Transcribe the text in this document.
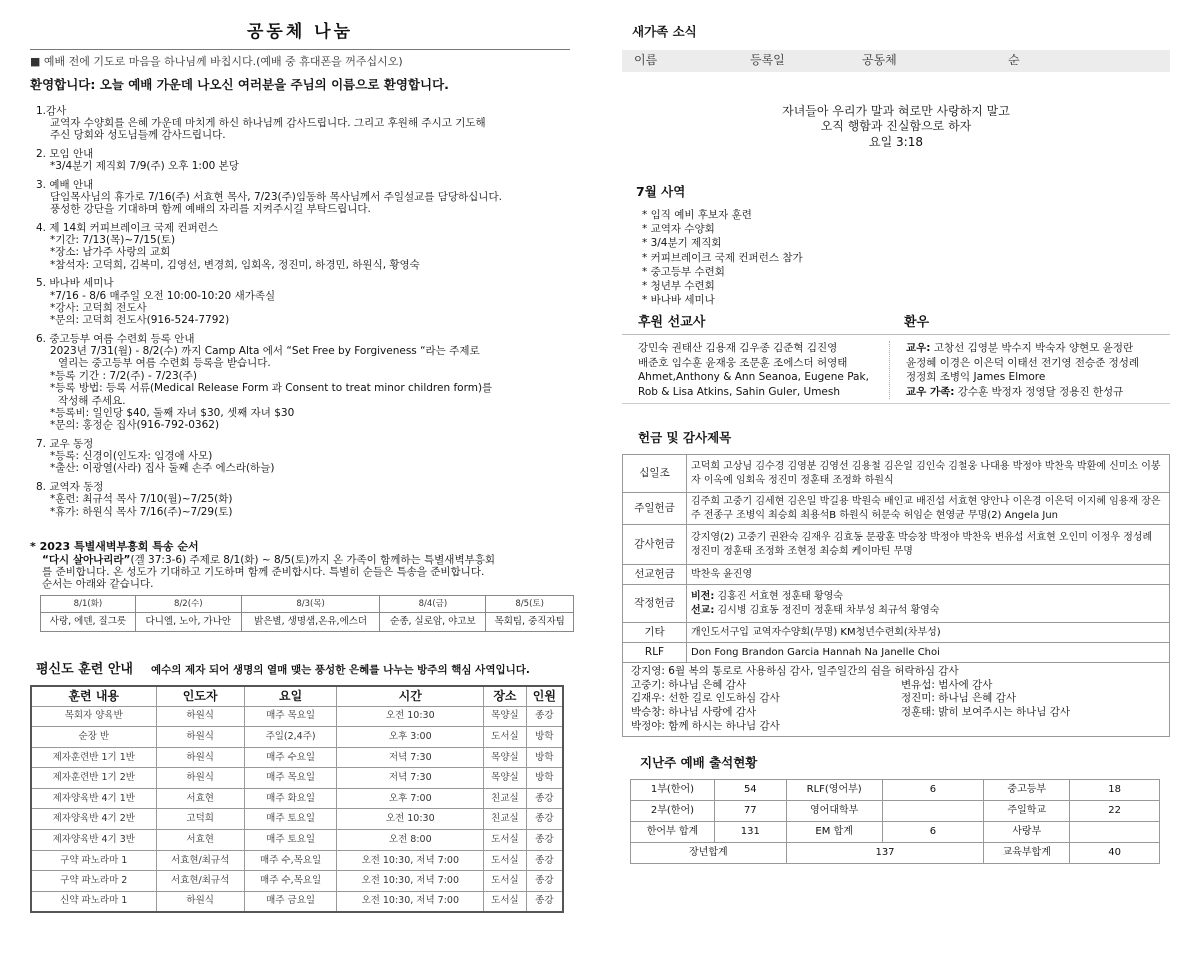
공동체 나눔
■ 예배 전에 기도로 마음을 하나님께 바칩시다.(예배 중 휴대폰을 꺼주십시오)
환영합니다: 오늘 예배 가운데 나오신 여러분을 주님의 이름으로 환영합니다.
1.감사
교역자 수양회를 은혜 가운데 마치게 하신 하나님께 감사드립니다. 그리고 후원해 주시고 기도해
주신 당회와 성도님들께 감사드립니다.
2. 모임 안내
*3/4분기 제직회 7/9(주) 오후 1:00 본당
3. 예배 안내
담임목사님의 휴가로 7/16(주) 서효현 목사, 7/23(주)임동하 목사님께서 주일설교를 담당하십니다.
풍성한 강단을 기대하며 함께 예배의 자리를 지켜주시길 부탁드립니다.
4. 제 14회 커피브레이크 국제 컨퍼런스
*기간: 7/13(목)~7/15(토)
*장소: 남가주 사랑의 교회
*참석자: 고덕희, 김복미, 김영선, 변경희, 임회옥, 정진미, 하경민, 하원식, 황영숙
5. 바나바 세미나
*7/16 - 8/6 매주일 오전 10:00-10:20 새가족실
*강사: 고덕희 전도사
*문의: 고덕희 전도사(916-524-7792)
6. 중고등부 여름 수련회 등록 안내
2023년 7/31(월) - 8/2(수) 까지 Camp Alta 에서 “Set Free by Forgiveness “라는 주제로
열리는 중고등부 여름 수련회 등록을 받습니다.
*등록 기간 : 7/2(주) - 7/23(주)
*등록 방법: 등록 서류(Medical Release Form 과 Consent to treat minor children form)를
작성해 주세요.
*등록비: 일인당 $40, 둘째 자녀 $30, 셋째 자녀 $30
*문의: 홍정순 집사(916-792-0362)
7. 교우 동정
*등록: 신경이(인도자: 임경애 사모)
*출산: 이광열(사라) 집사 둘째 손주 에스라(하늘)
8. 교역자 동정
*훈련: 최규석 목사 7/10(월)~7/25(화)
*휴가: 하원식 목사 7/16(주)~7/29(토)
* 2023 특별새벽부흥회 특송 순서
“다시 살아나리라”(겔 37:3-6) 주제로 8/1(화) ~ 8/5(토)까지 온 가족이 함께하는 특별새벽부흥회
를 준비합니다. 온 성도가 기대하고 기도하며 함께 준비합시다. 특별히 순들은 특송을 준비합니다.
순서는 아래와 같습니다.
8/1(화)	8/2(수)	8/3(목)	8/4(금)	8/5(토)
사랑, 에덴, 질그릇	다니엘, 노아, 가나안	밝은별, 생명샘,온유,에스더	순종, 실로암, 야고보	목회팀, 중직자팀
평신도 훈련 안내 예수의 제자 되어 생명의 열매 맺는 풍성한 은혜를 나누는 방주의 핵심 사역입니다.
훈련 내용	인도자	요일	시간	장소	인원
목회자 양육반	하원식	매주 목요일	오전 10:30	목양실	종강
순장 반	하원식	주일(2,4주)	오후 3:00	도서실	방학
제자훈련반 1기 1반	하원식	매주 수요일	저녁 7:30	목양실	방학
제자훈련반 1기 2반	하원식	매주 목요일	저녁 7:30	목양실	방학
제자양육반 4기 1반	서효현	매주 화요일	오후 7:00	친교실	종강
제자양육반 4기 2반	고덕희	매주 토요일	오전 10:30	친교실	종강
제자양육반 4기 3반	서효현	매주 토요일	오전 8:00	도서실	종강
구약 파노라마 1	서효현/최규석	매주 수,목요일	오전 10:30, 저녁 7:00	도서실	종강
구약 파노라마 2	서효현/최규석	매주 수,목요일	오전 10:30, 저녁 7:00	도서실	종강
신약 파노라마 1	하원식	매주 금요일	오전 10:30, 저녁 7:00	도서실	종강
새가족 소식
이름	등록일	공동체	순
자녀들아 우리가 말과 혀로만 사랑하지 말고
오직 행함과 진실함으로 하자
요일 3:18
7월 사역
* 임직 예비 후보자 훈련
* 교역자 수양회
* 3/4분기 제직회
* 커피브레이크 국제 컨퍼런스 참가
* 중고등부 수련회
* 청년부 수련회
* 바나바 세미나
후원 선교사	환우
강민숙 권태산 김용재 김우종 김준혁 김진영
배준호 임수훈 윤재웅 조문훈 조에스더 허영태
Ahmet,Anthony & Ann Seanoa, Eugene Pak,
Rob & Lisa Atkins, Sahin Guler, Umesh
교우: 고창선 김영분 박수지 박숙자 양현모 윤정란
윤정혜 이경은 이은덕 이태선 전기영 전승준 정성례
정정희 조병익 James Elmore
교우 가족: 강수훈 박정자 정영달 정용진 한성규
헌금 및 감사제목
십일조	고덕희 고상님 김수경 김영분 김영선 김용철 김은일 김인숙 김철웅 나대용 박정야 박찬욱 박환예 신미소 이봉자 이옥예 임회옥 정진미 정훈태 조정화 하원식
주일헌금	김주희 고중기 김세현 김은일 박길용 박원숙 배인교 배진섭 서효현 양안나 이은경 이은덕 이지혜 임용재 장은주 전종구 조병익 최승희 최용석B 하원식 허문숙 허임순 현영균 무명(2) Angela Jun
감사헌금	강지영(2) 고중기 권완숙 김재우 김효동 문광훈 박승창 박정야 박찬욱 변유섭 서효현 오인미 이정우 정성례 정진미 정훈태 조정화 조현정 최승희 케이마틴 무명
선교헌금	박찬욱 윤진영
작정헌금	비전: 김홍진 서효현 정훈태 황영숙
선교: 김시병 김효동 정진미 정훈태 차부성 최규석 황영숙

기타	개인도서구입 교역자수양회(무명) KM청년수련회(차부성)
RLF	Don Fong Brandon Garcia Hannah Na Janelle Choi
강지영: 6월 복의 통로로 사용하심 감사, 일주일간의 쉼을 허락하심 감사
고중기: 하나님 은혜 감사
김재우: 선한 길로 인도하심 감사
박승창: 하나님 사랑에 감사
박정야: 함께 하시는 하나님 감사
변유섭: 범사에 감사
정진미: 하나님 은혜 감사
정훈태: 밝히 보여주시는 하나님 감사
지난주 예배 출석현황
1부(한어)	54	RLF(영어부)	6	중고등부	18
2부(한어)	77	영어대학부		주일학교	22
한어부 합계	131	EM 합계	6	사랑부	
장년합계		137		교육부합계	40
